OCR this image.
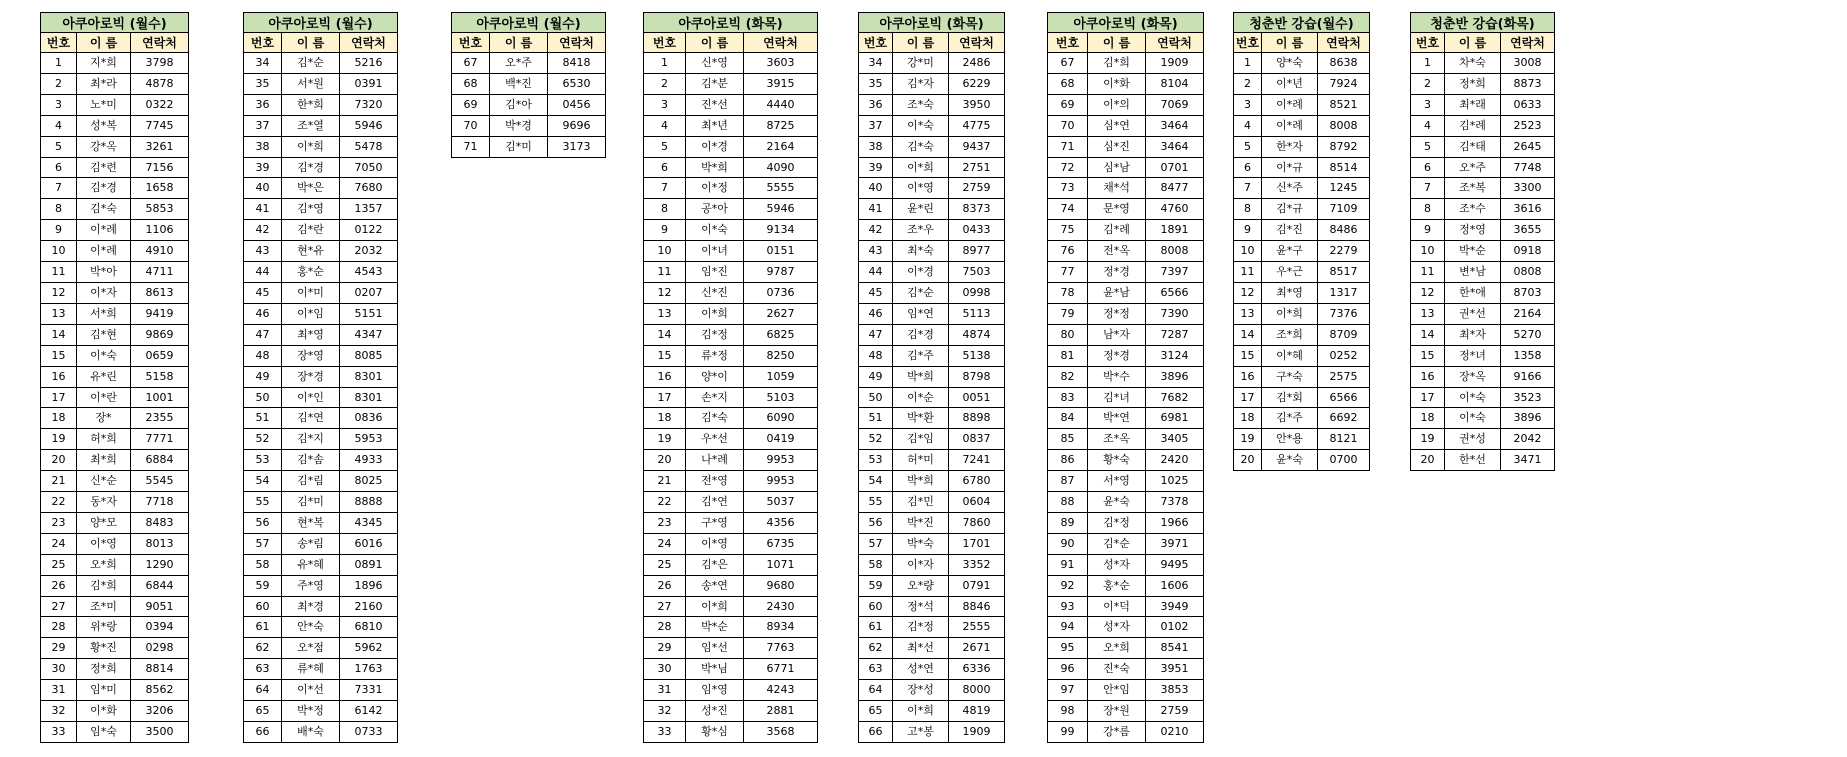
아쿠아로빅 (월수)		
번호	이 름	연락처
1	지*희	3798
2	최*라	4878
3	노*미	0322
4	성*복	7745
5	강*옥	3261
6	김*련	7156
7	김*경	1658
8	김*숙	5853
9	이*례	1106
10	이*례	4910
11	박*아	4711
12	이*자	8613
13	서*희	9419
14	김*현	9869
15	이*숙	0659
16	유*린	5158
17	이*란	1001
18	장*	2355
19	허*희	7771
20	최*희	6884
21	신*순	5545
22	동*자	7718
23	양*모	8483
24	이*영	8013
25	오*희	1290
26	김*희	6844
27	조*미	9051
28	위*랑	0394
29	황*진	0298
30	정*희	8814
31	임*미	8562
32	이*화	3206
33	임*숙	3500
아쿠아로빅 (월수)		
번호	이 름	연락처
34	김*순	5216
35	서*원	0391
36	한*희	7320
37	조*열	5946
38	이*희	5478
39	김*경	7050
40	박*은	7680
41	김*영	1357
42	김*란	0122
43	현*유	2032
44	홍*순	4543
45	이*미	0207
46	이*임	5151
47	최*영	4347
48	장*영	8085
49	장*경	8301
50	이*인	8301
51	김*연	0836
52	김*지	5953
53	김*솜	4933
54	김*림	8025
55	김*미	8888
56	현*복	4345
57	송*림	6016
58	유*혜	0891
59	주*영	1896
60	최*경	2160
61	안*숙	6810
62	오*점	5962
63	류*혜	1763
64	이*선	7331
65	박*정	6142
66	배*숙	0733
아쿠아로빅 (월수)		
번호	이 름	연락처
67	오*주	8418
68	백*진	6530
69	김*아	0456
70	박*경	9696
71	김*미	3173
아쿠아로빅 (화목)		
번호	이 름	연락처
1	신*영	3603
2	김*분	3915
3	진*선	4440
4	최*년	8725
5	이*경	2164
6	박*희	4090
7	이*정	5555
8	공*아	5946
9	이*숙	9134
10	이*녀	0151
11	임*진	9787
12	신*진	0736
13	이*희	2627
14	김*정	6825
15	류*정	8250
16	양*이	1059
17	손*지	5103
18	김*숙	6090
19	우*선	0419
20	나*례	9953
21	전*영	9953
22	김*연	5037
23	구*영	4356
24	이*영	6735
25	김*은	1071
26	송*연	9680
27	이*희	2430
28	박*순	8934
29	임*선	7763
30	박*님	6771
31	임*영	4243
32	성*진	2881
33	황*심	3568
아쿠아로빅 (화목)		
번호	이 름	연락처
34	강*미	2486
35	김*자	6229
36	조*숙	3950
37	이*숙	4775
38	김*숙	9437
39	이*희	2751
40	이*영	2759
41	윤*린	8373
42	조*우	0433
43	최*숙	8977
44	이*경	7503
45	김*순	0998
46	임*연	5113
47	김*경	4874
48	김*주	5138
49	박*희	8798
50	이*순	0051
51	박*환	8898
52	김*임	0837
53	허*미	7241
54	박*희	6780
55	김*민	0604
56	박*진	7860
57	박*숙	1701
58	이*자	3352
59	오*량	0791
60	정*석	8846
61	김*정	2555
62	최*선	2671
63	성*연	6336
64	장*성	8000
65	이*희	4819
66	고*봉	1909
아쿠아로빅 (화목)		
번호	이 름	연락처
67	김*희	1909
68	이*화	8104
69	이*의	7069
70	심*연	3464
71	심*진	3464
72	심*남	0701
73	채*석	8477
74	문*영	4760
75	김*례	1891
76	전*옥	8008
77	정*경	7397
78	윤*남	6566
79	정*정	7390
80	남*자	7287
81	정*경	3124
82	박*수	3896
83	김*녀	7682
84	박*연	6981
85	조*옥	3405
86	황*숙	2420
87	서*영	1025
88	윤*숙	7378
89	김*정	1966
90	김*순	3971
91	성*자	9495
92	홍*순	1606
93	이*덕	3949
94	성*자	0102
95	오*희	8541
96	진*숙	3951
97	안*임	3853
98	장*원	2759
99	강*름	0210
청춘반 강습(월수)		
번호	이 름	연락처
1	양*숙	8638
2	이*년	7924
3	이*례	8521
4	이*례	8008
5	한*자	8792
6	이*규	8514
7	신*주	1245
8	김*규	7109
9	김*진	8486
10	윤*구	2279
11	우*근	8517
12	최*영	1317
13	이*희	7376
14	조*희	8709
15	이*혜	0252
16	구*숙	2575
17	김*회	6566
18	김*주	6692
19	안*용	8121
20	윤*숙	0700
청춘반 강습(화목)		
번호	이 름	연락처
1	차*숙	3008
2	정*희	8873
3	최*래	0633
4	김*례	2523
5	김*태	2645
6	오*주	7748
7	조*복	3300
8	조*수	3616
9	정*영	3655
10	박*순	0918
11	변*남	0808
12	한*애	8703
13	권*선	2164
14	최*자	5270
15	정*녀	1358
16	장*옥	9166
17	이*숙	3523
18	이*숙	3896
19	권*성	2042
20	한*선	3471
